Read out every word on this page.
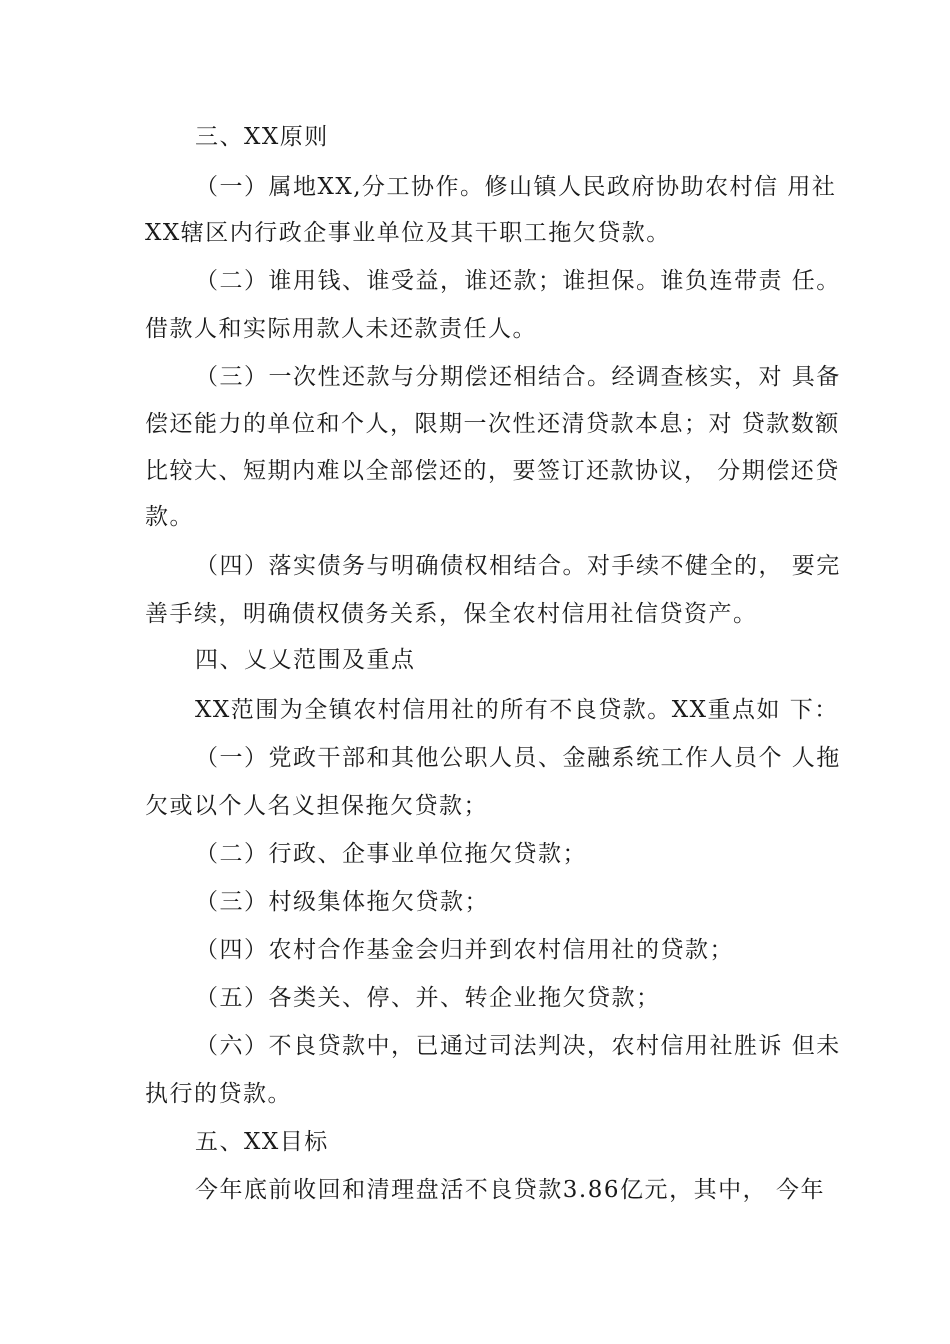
三、XX原则
（一）属地XX,分工协作。修山镇人民政府协助农村信 用社
XX辖区内行政企事业单位及其干职工拖欠贷款。
（二）谁用钱、谁受益，谁还款；谁担保。谁负连带责 任。
借款人和实际用款人未还款责任人。
（三）一次性还款与分期偿还相结合。经调查核实，对 具备
偿还能力的单位和个人，限期一次性还清贷款本息；对 贷款数额
比较大、短期内难以全部偿还的，要签订还款协议， 分期偿还贷
款。
（四）落实债务与明确债权相结合。对手续不健全的， 要完
善手续，明确债权债务关系，保全农村信用社信贷资产。
四、乂乂范围及重点
XX范围为全镇农村信用社的所有不良贷款。XX重点如 下：
（一）党政干部和其他公职人员、金融系统工作人员个 人拖
欠或以个人名义担保拖欠贷款；
（二）行政、企事业单位拖欠贷款；
（三）村级集体拖欠贷款；
（四）农村合作基金会归并到农村信用社的贷款；
（五）各类关、停、并、转企业拖欠贷款；
（六）不良贷款中，已通过司法判决，农村信用社胜诉 但未
执行的贷款。
五、XX目标
今年底前收回和清理盘活不良贷款3.86亿元，其中， 今年
